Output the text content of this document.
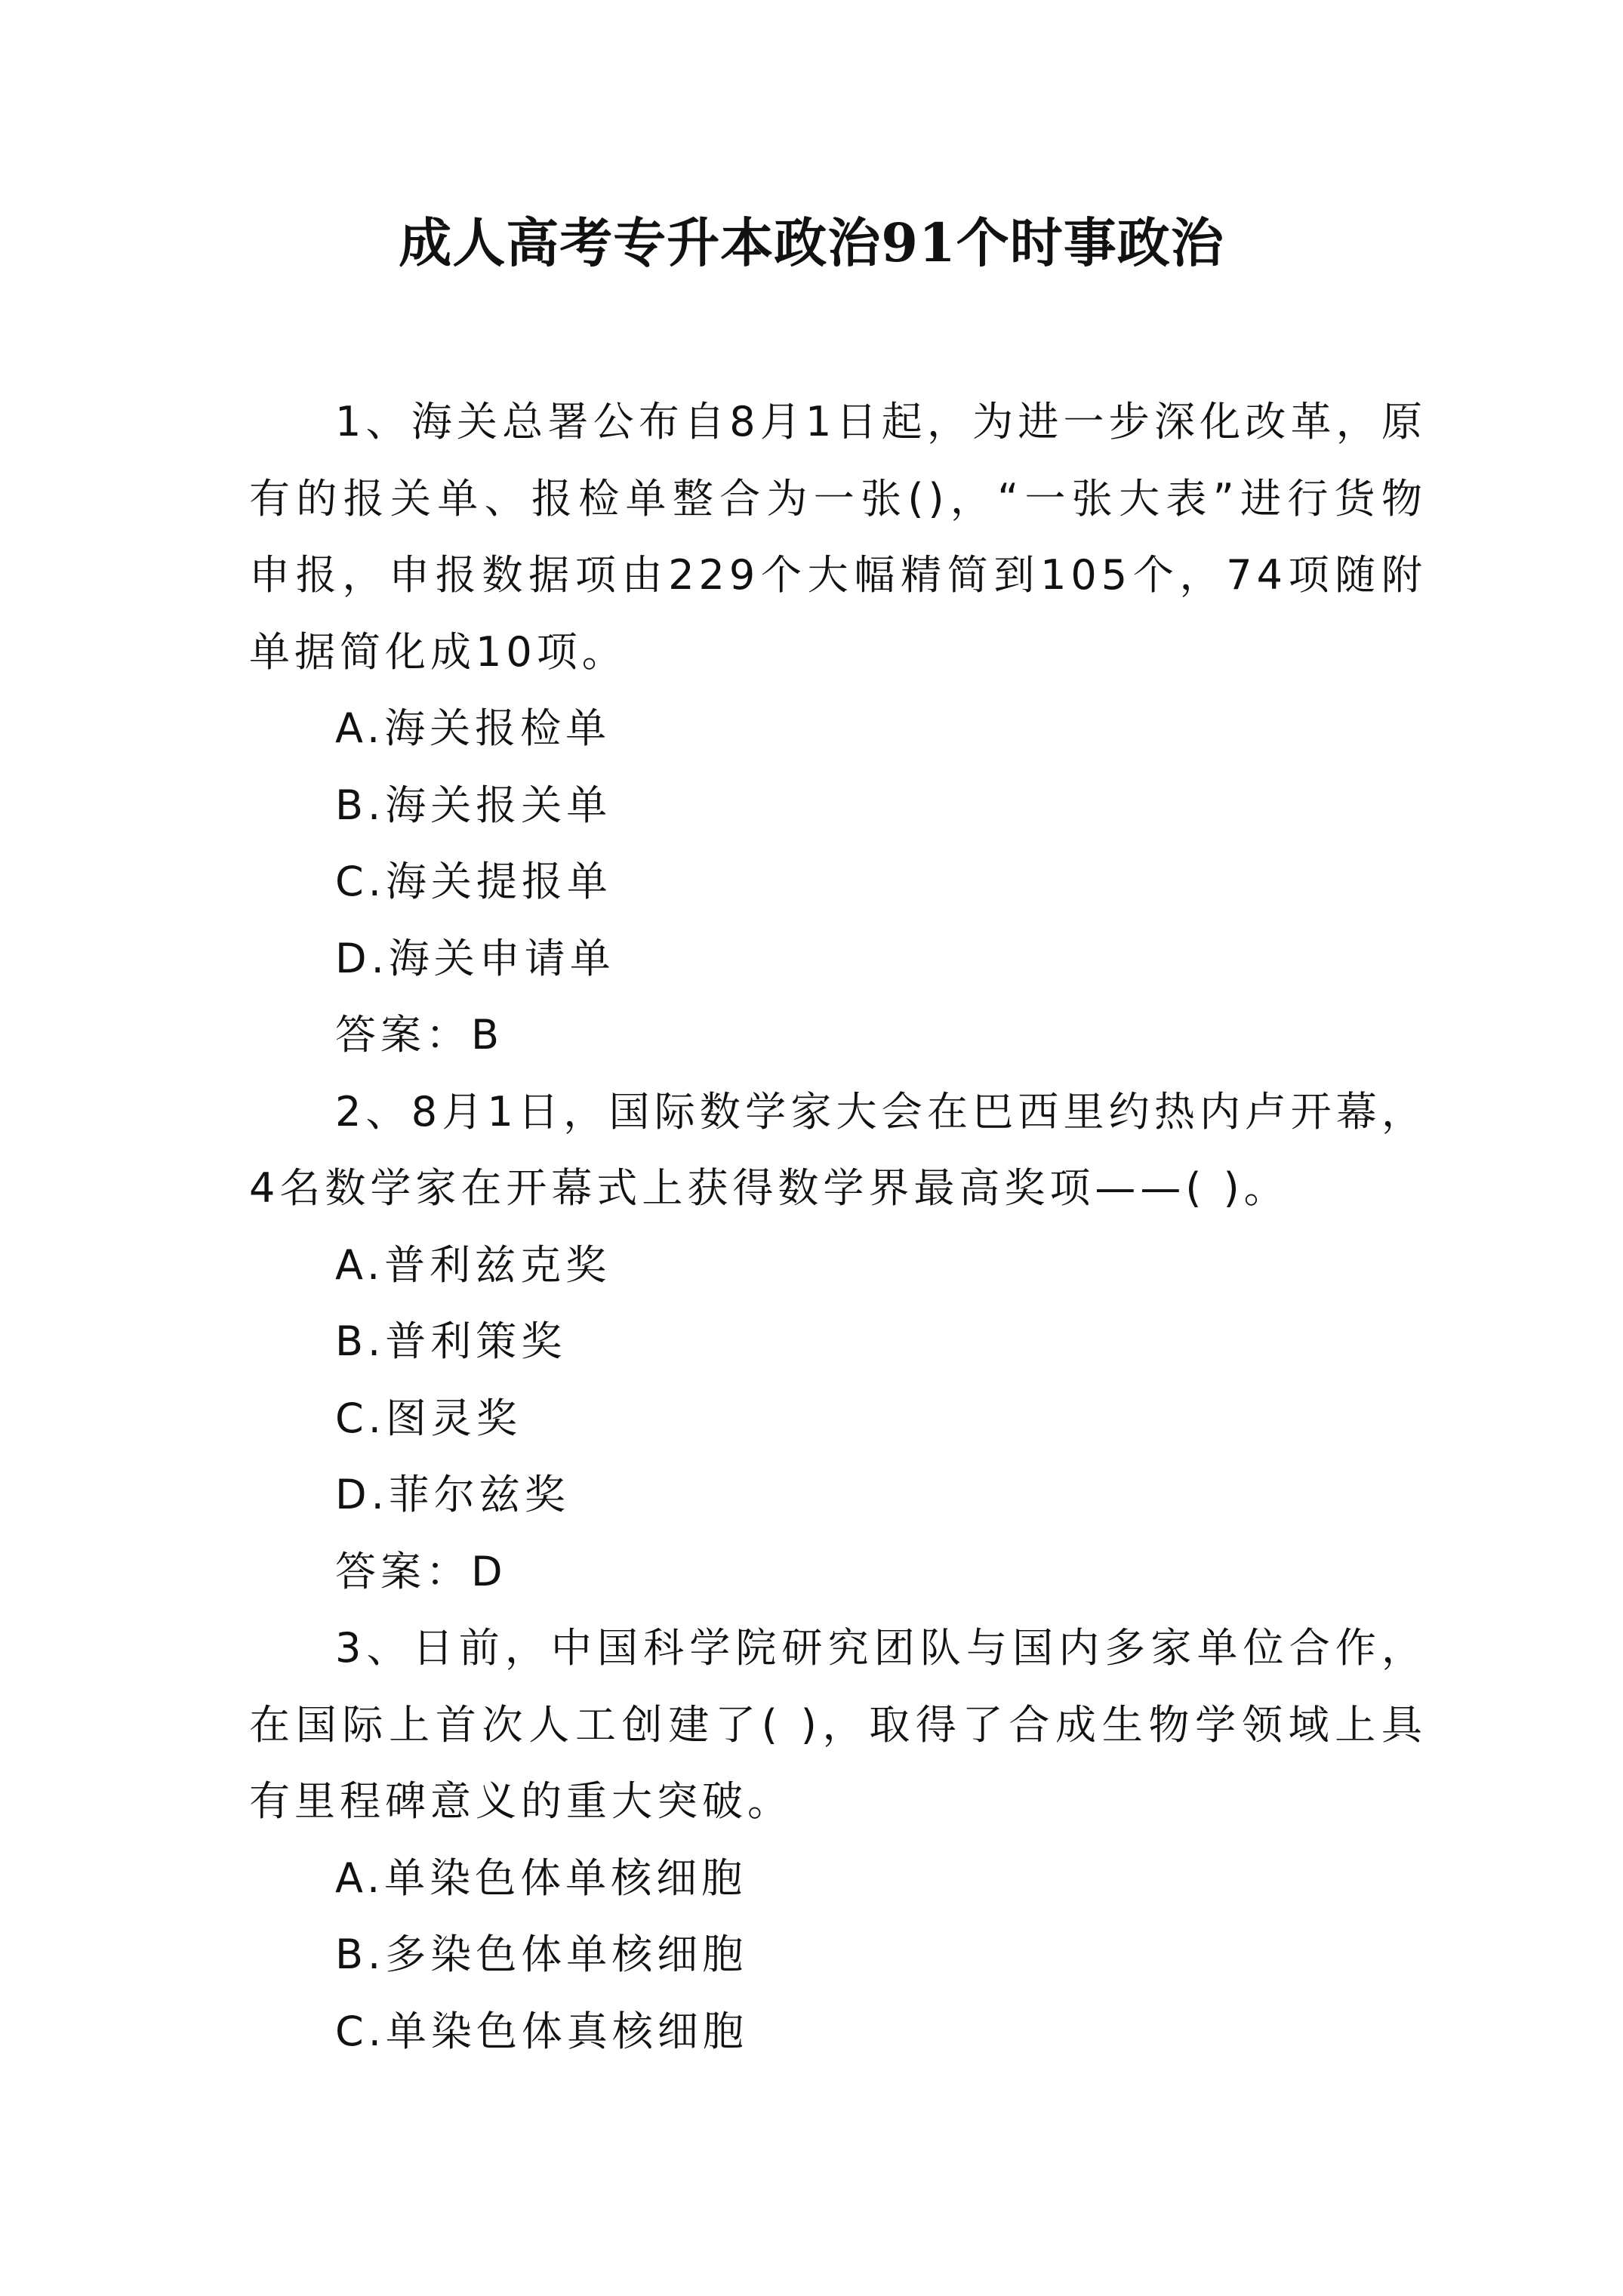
成人高考专升本政治91个时事政治

1、海关总署公布自8月1日起，为进一步深化改革，原有的报关单、报检单整合为一张()，“一张大表”进行货物申报，申报数据项由229个大幅精简到105个，74项随附单据简化成10项。

A.海关报检单

B.海关报关单

C.海关提报单

D.海关申请单

答案：B

2、8月1日，国际数学家大会在巴西里约热内卢开幕，4名数学家在开幕式上获得数学界最高奖项——( )。

A.普利兹克奖

B.普利策奖

C.图灵奖

D.菲尔兹奖

答案：D

3、日前，中国科学院研究团队与国内多家单位合作，在国际上首次人工创建了( )，取得了合成生物学领域上具有里程碑意义的重大突破。

A.单染色体单核细胞

B.多染色体单核细胞

C.单染色体真核细胞
